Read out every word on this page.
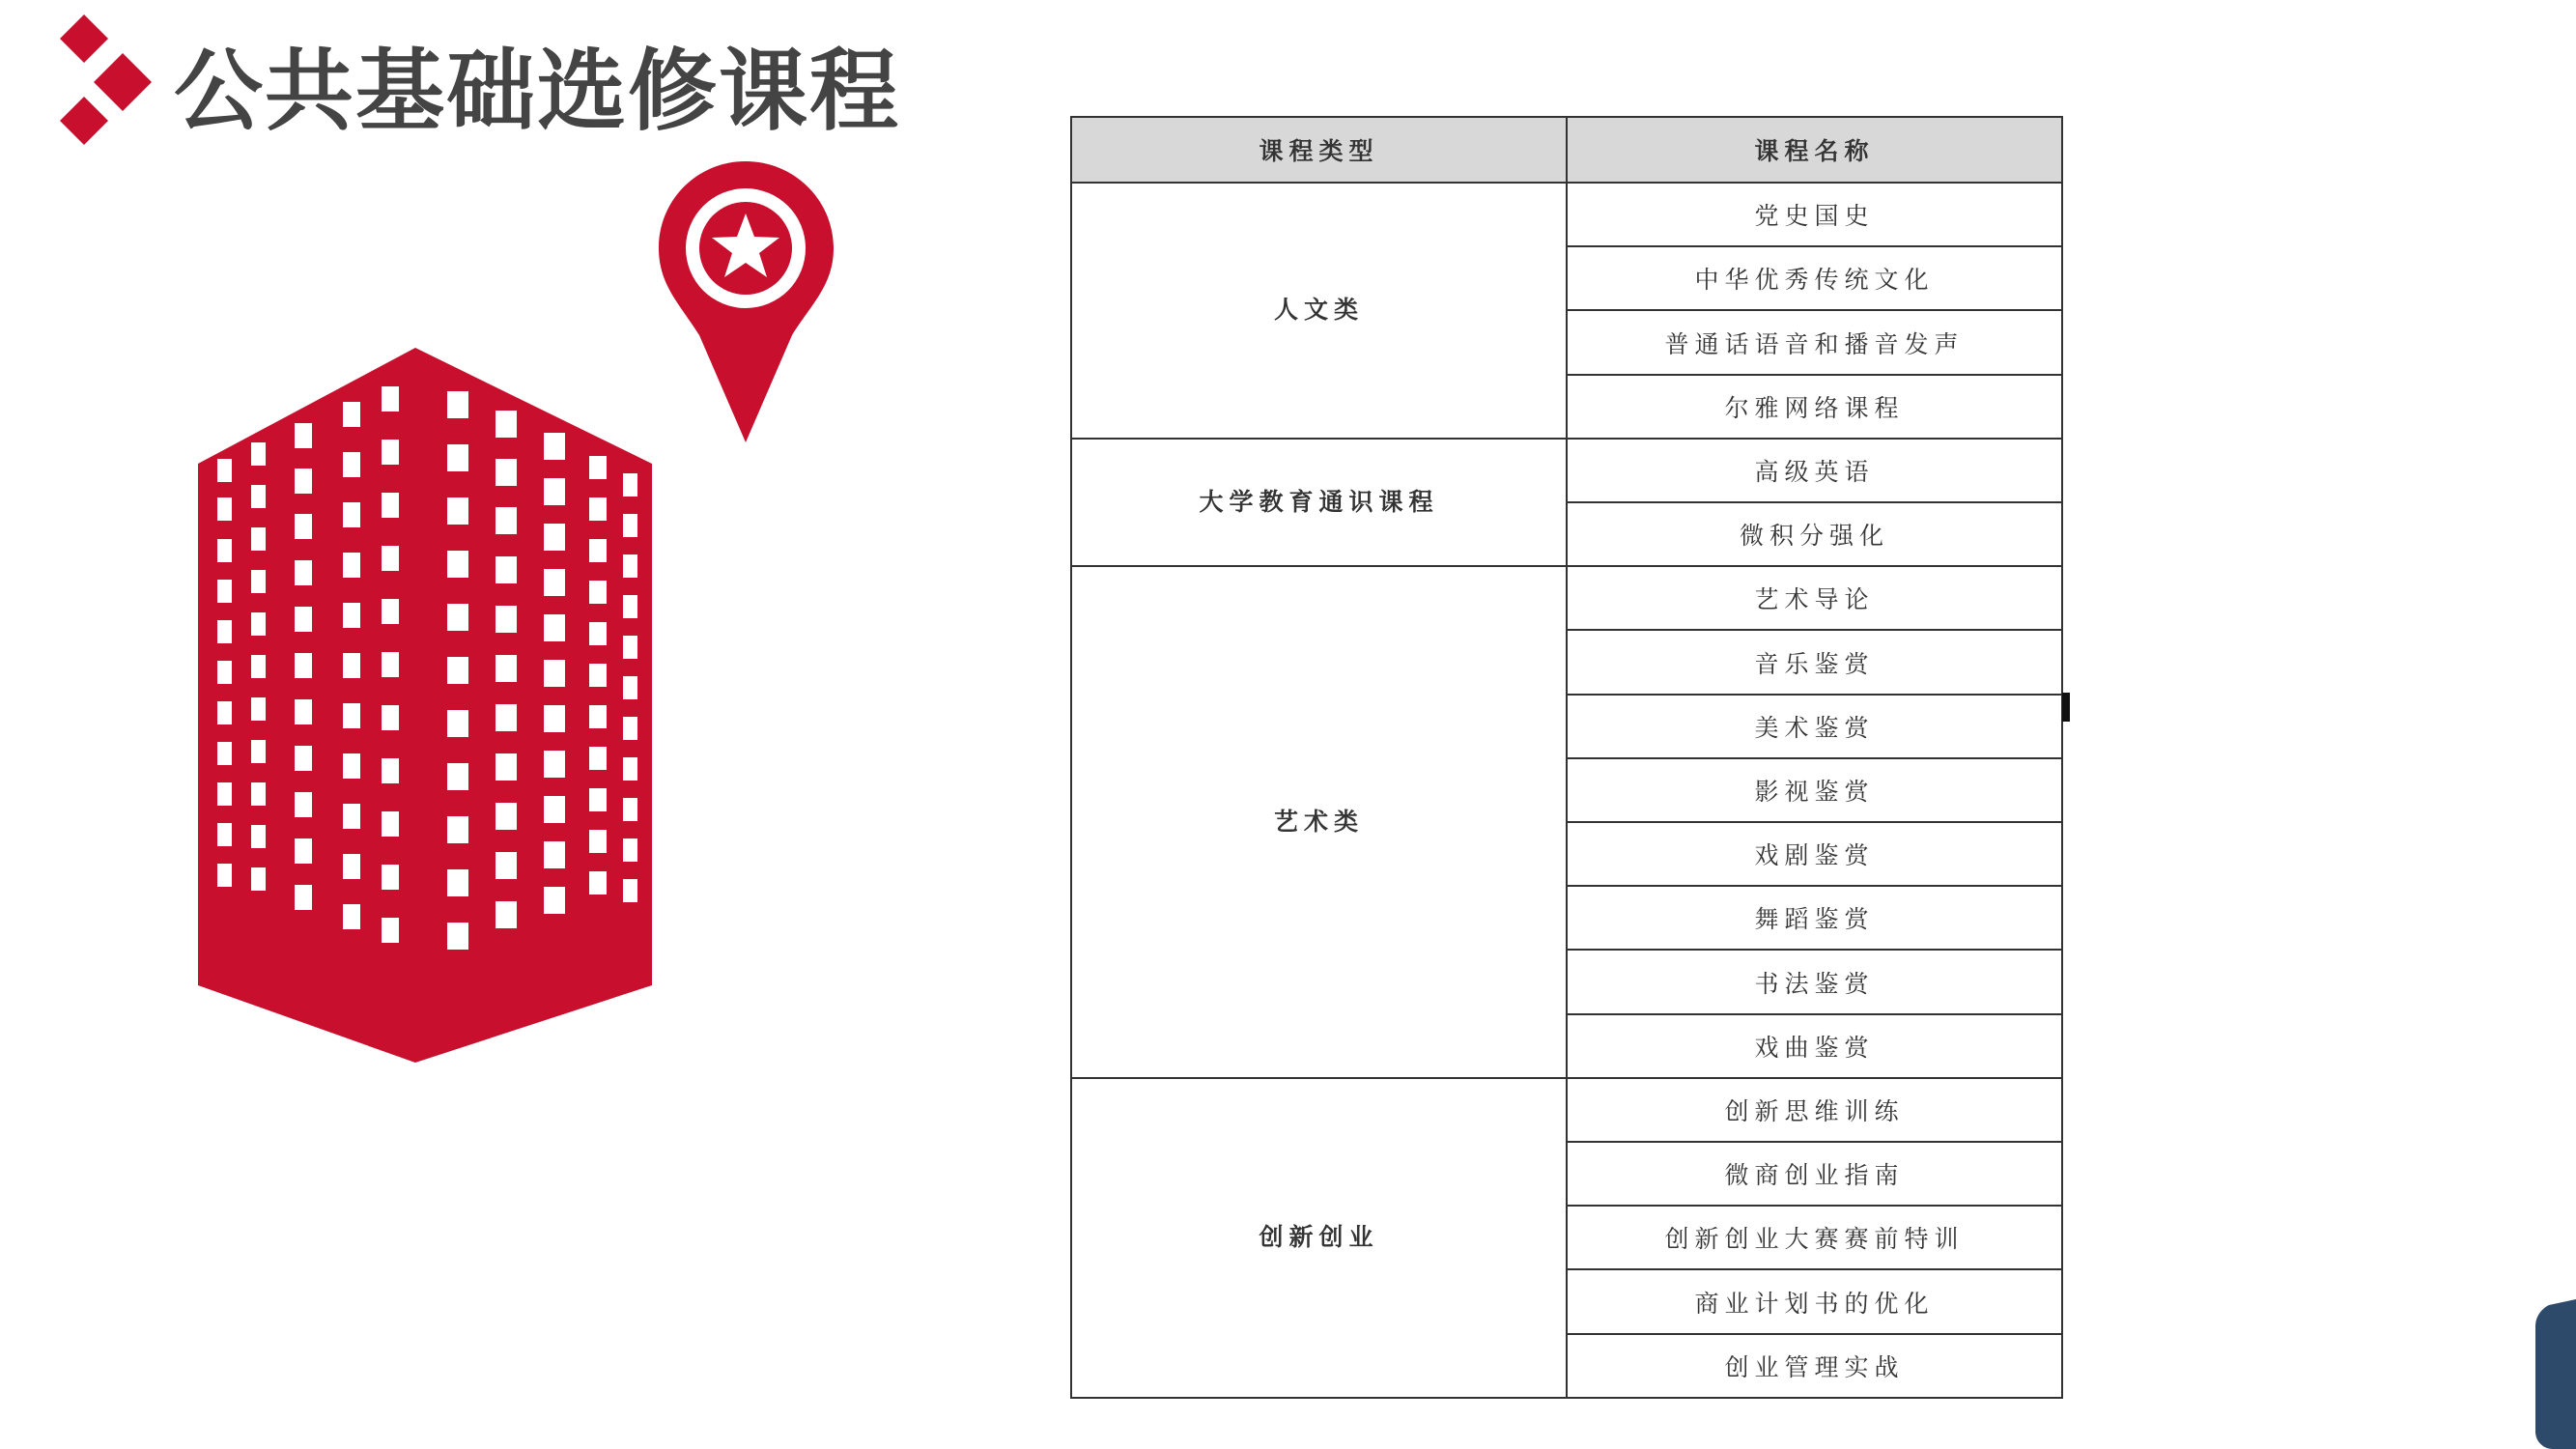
公共基础选修课程
课程类型	课程名称
人文类	党史国史
	中华优秀传统文化
	普通话语音和播音发声
	尔雅网络课程
大学教育通识课程	高级英语
	微积分强化
艺术类	艺术导论
	音乐鉴赏
	美术鉴赏
	影视鉴赏
	戏剧鉴赏
	舞蹈鉴赏
	书法鉴赏
	戏曲鉴赏
创新创业	创新思维训练
	微商创业指南
	创新创业大赛赛前特训
	商业计划书的优化
	创业管理实战
